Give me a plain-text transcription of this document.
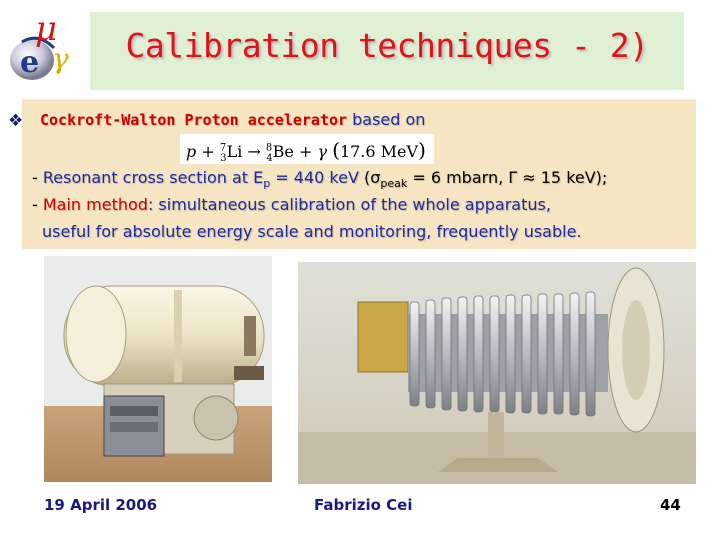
μ
e γ	Calibration techniques - 2)
❖ Cockroft-Walton Proton accelerator based on
p + $^7_3$Li → $^8_4$Be + γ (17.6 MeV)
- Resonant cross section at $E_p = 440$ keV ($\sigma_{peak} = 6$ mbarn, Γ ≈ 15 keV);
- Main method: simultaneous calibration of the whole apparatus,
useful for absolute energy scale and monitoring, frequently usable.
19 April 2006	Fabrizio Cei	44
